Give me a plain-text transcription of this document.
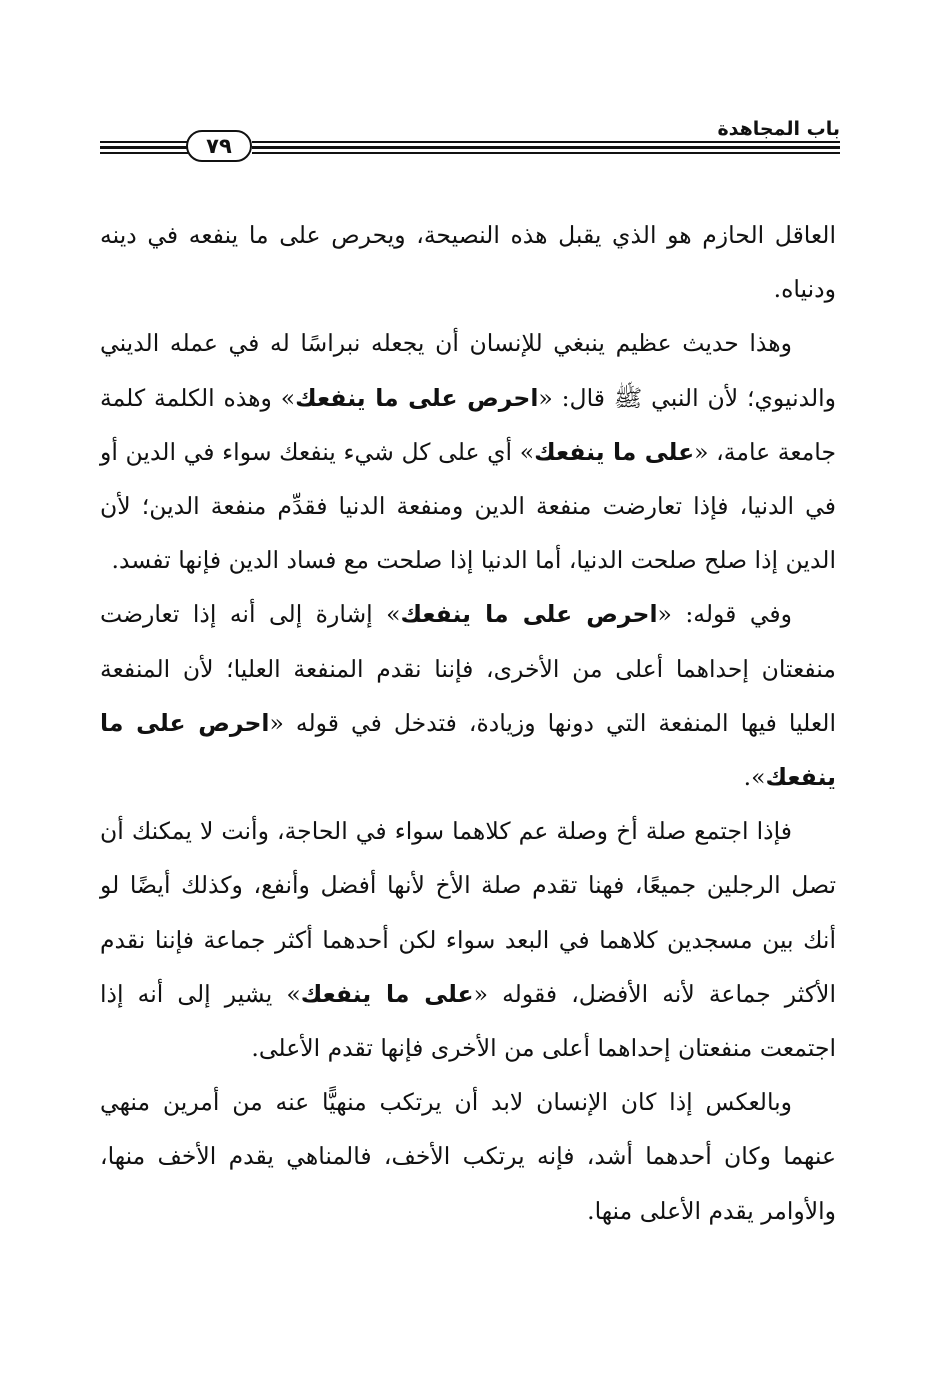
باب المجاهدة
٧٩

العاقل الحازم هو الذي يقبل هذه النصيحة، ويحرص على ما ينفعه في دينه ودنياه.

وهذا حديث عظيم ينبغي للإنسان أن يجعله نبراسًا له في عمله الديني والدنيوي؛ لأن النبي ﷺ قال: «احرص على ما ينفعك» وهذه الكلمة كلمة جامعة عامة، «على ما ينفعك» أي على كل شيء ينفعك سواء في الدين أو في الدنيا، فإذا تعارضت منفعة الدين ومنفعة الدنيا فقدِّم منفعة الدين؛ لأن الدين إذا صلح صلحت الدنيا، أما الدنيا إذا صلحت مع فساد الدين فإنها تفسد.

وفي قوله: «احرص على ما ينفعك» إشارة إلى أنه إذا تعارضت منفعتان إحداهما أعلى من الأخرى، فإننا نقدم المنفعة العليا؛ لأن المنفعة العليا فيها المنفعة التي دونها وزيادة، فتدخل في قوله «احرص على ما ينفعك».

فإذا اجتمع صلة أخ وصلة عم كلاهما سواء في الحاجة، وأنت لا يمكنك أن تصل الرجلين جميعًا، فهنا تقدم صلة الأخ لأنها أفضل وأنفع، وكذلك أيضًا لو أنك بين مسجدين كلاهما في البعد سواء لكن أحدهما أكثر جماعة فإننا نقدم الأكثر جماعة لأنه الأفضل، فقوله «على ما ينفعك» يشير إلى أنه إذا اجتمعت منفعتان إحداهما أعلى من الأخرى فإنها تقدم الأعلى.

وبالعكس إذا كان الإنسان لابد أن يرتكب منهيًّا عنه من أمرين منهي عنهما وكان أحدهما أشد، فإنه يرتكب الأخف، فالمناهي يقدم الأخف منها، والأوامر يقدم الأعلى منها.
